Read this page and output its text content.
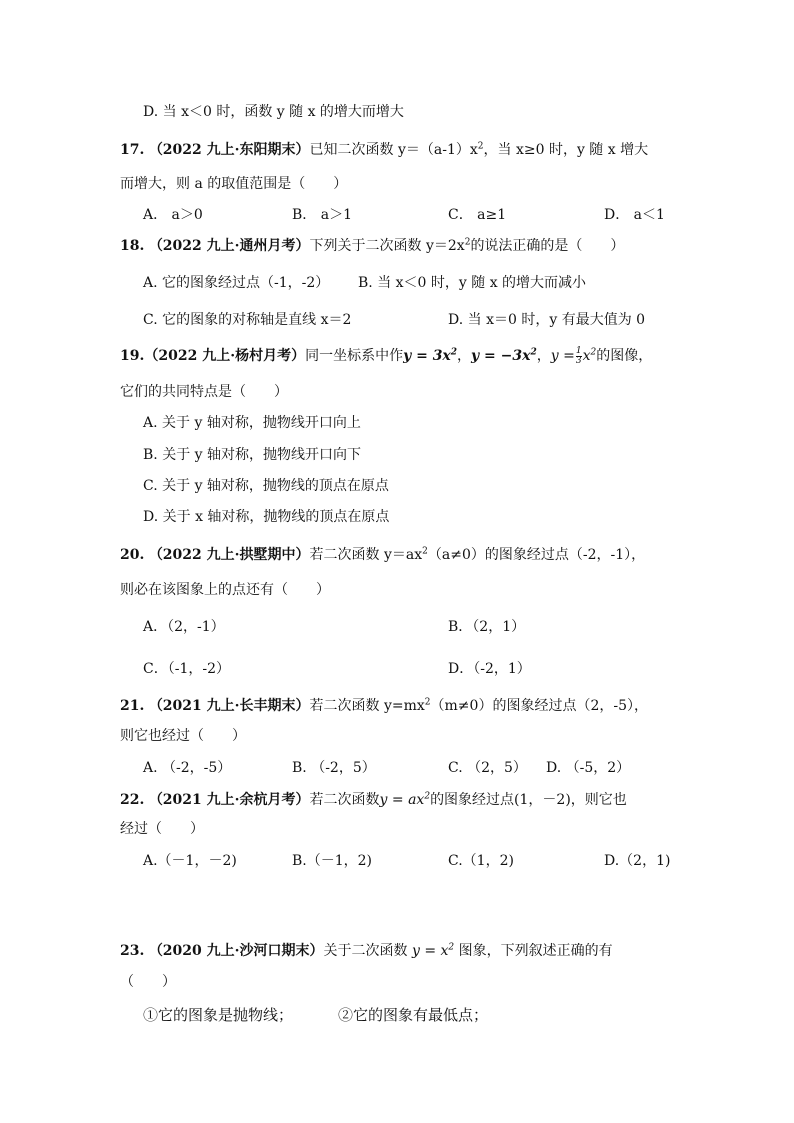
D. 当 x＜0 时，函数 y 随 x 的增大而增大
17. （2022 九上·东阳期末）已知二次函数 $y=(a-1)x^2$，当 x≥0 时，y 随 x 增大
而增大，则 a 的取值范围是（　　）
A． a＞0	B． a＞1	C． a≥1	D． a＜1
18. （2022 九上·通州月考）下列关于二次函数 $y=2x^2$的说法正确的是（　　）
A. 它的图象经过点（-1，-2） B. 当 x＜0 时，y 随 x 的增大而减小
C. 它的图象的对称轴是直线 x＝2	D. 当 x＝0 时，y 有最大值为 0
19.（2022 九上·杨村月考）同一坐标系中作$y = 3x^2$，$y = -3x^2$，$y = \frac{1}{3} x^2$的图像，
它们的共同特点是（　　）
A. 关于 y 轴对称，抛物线开口向上
B. 关于 y 轴对称，抛物线开口向下
C. 关于 y 轴对称，抛物线的顶点在原点
D. 关于 x 轴对称，抛物线的顶点在原点
20. （2022 九上·拱墅期中）若二次函数 $y=ax^2(a\ne 0)$的图象经过点（-2，-1），
则必在该图象上的点还有（　　）
A．（2，-1）	B．（2，1）
C．（-1，-2）	D．（-2，1）
21. （2021 九上·长丰期末）若二次函数 $y=mx^2(m\ne 0)$的图象经过点（2，-5），
则它也经过（　　）
A. （-2，-5）	B. （-2，5）	C. （2，5） D. （-5，2）
22. （2021 九上·余杭月考）若二次函数$y = ax^2$的图象经过点(1，－2)，则它也
经过（　　）
A.（－1，－2)	B.（－1，2)	C.（1，2)	D.（2，1)
23. （2020 九上·沙河口期末）关于二次函数 $y = x^2$ 图象，下列叙述正确的有
（　　）
①它的图象是抛物线；	②它的图象有最低点；
